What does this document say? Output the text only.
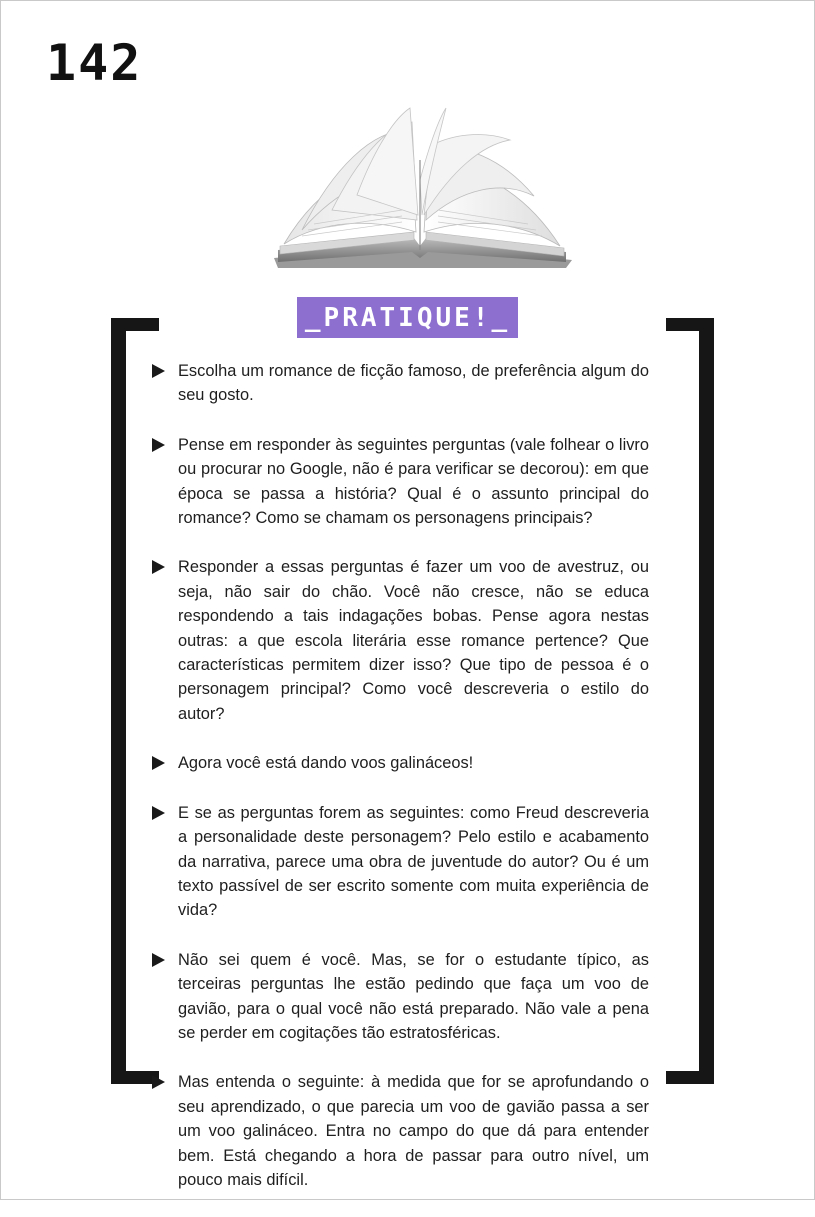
142
_PRATIQUE!_
Escolha um romance de ficção famoso, de preferência algum do seu gosto.
Pense em responder às seguintes perguntas (vale folhear o livro ou procurar no Google, não é para verificar se decorou): em que época se passa a história? Qual é o assunto principal do romance? Como se chamam os personagens principais?
Responder a essas perguntas é fazer um voo de avestruz, ou seja, não sair do chão. Você não cresce, não se educa respondendo a tais indagações bobas. Pense agora nestas outras: a que escola literária esse romance pertence? Que características permitem dizer isso? Que tipo de pessoa é o personagem principal? Como você descreveria o estilo do autor?
Agora você está dando voos galináceos!
E se as perguntas forem as seguintes: como Freud descreveria a personalidade deste personagem? Pelo estilo e acabamento da narrativa, parece uma obra de juventude do autor? Ou é um texto passível de ser escrito somente com muita experiência de vida?
Não sei quem é você. Mas, se for o estudante típico, as terceiras perguntas lhe estão pedindo que faça um voo de gavião, para o qual você não está preparado. Não vale a pena se perder em cogitações tão estratosféricas.
Mas entenda o seguinte: à medida que for se aprofundando o seu aprendizado, o que parecia um voo de gavião passa a ser um voo galináceo. Entra no campo do que dá para entender bem. Está chegando a hora de passar para outro nível, um pouco mais difícil.
